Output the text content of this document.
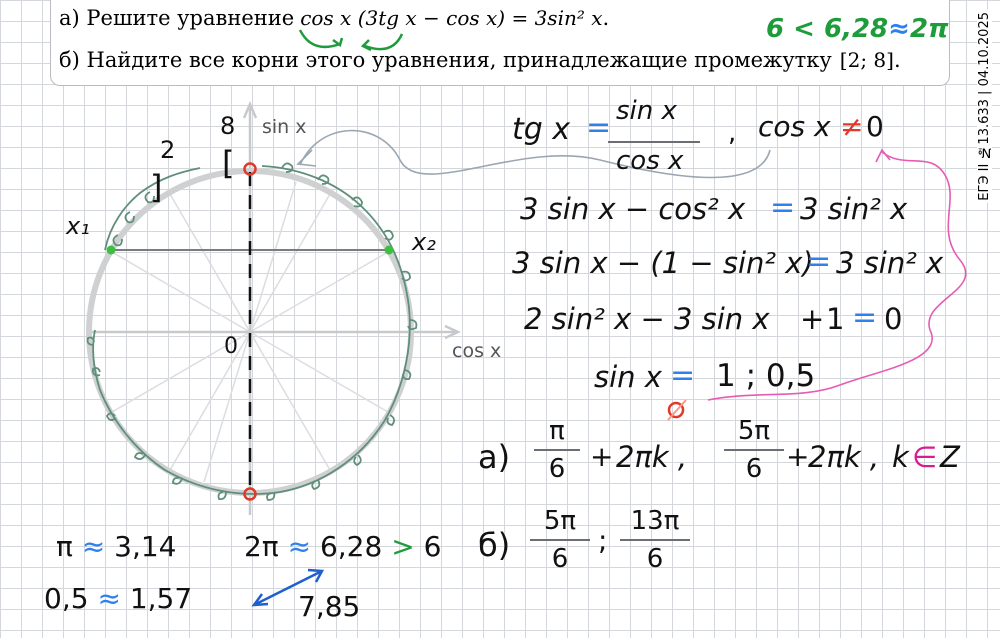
а) Решите уравнение cos x (3tg x − cos x) = 3sin² x.
б) Найдите все корни этого уравнения, принадлежащие промежутку [2; 8].	ЕГЭ II №13.633 | 04.10.2025
6 < 6,28≈2π
sin x
cos x
0
8
[
2
]
x₁
x₂
tg x = sin x
cos x
, cos x ≠ 0
3 sin x − cos² x = 3 sin² x
3 sin x − (1 − sin² x)
= 3 sin² x
2 sin² x − 3 sin x + 1 = 0
sin x = 1 ; 0,5
а)
π
6 + 2πk ,
5π
6 +
2πk , k ∈ Z
б)
5π
6
;
13π
6
π ≈ 3,14 2π ≈ 6,28 > 6
0,5 ≈ 1,57	7,85
